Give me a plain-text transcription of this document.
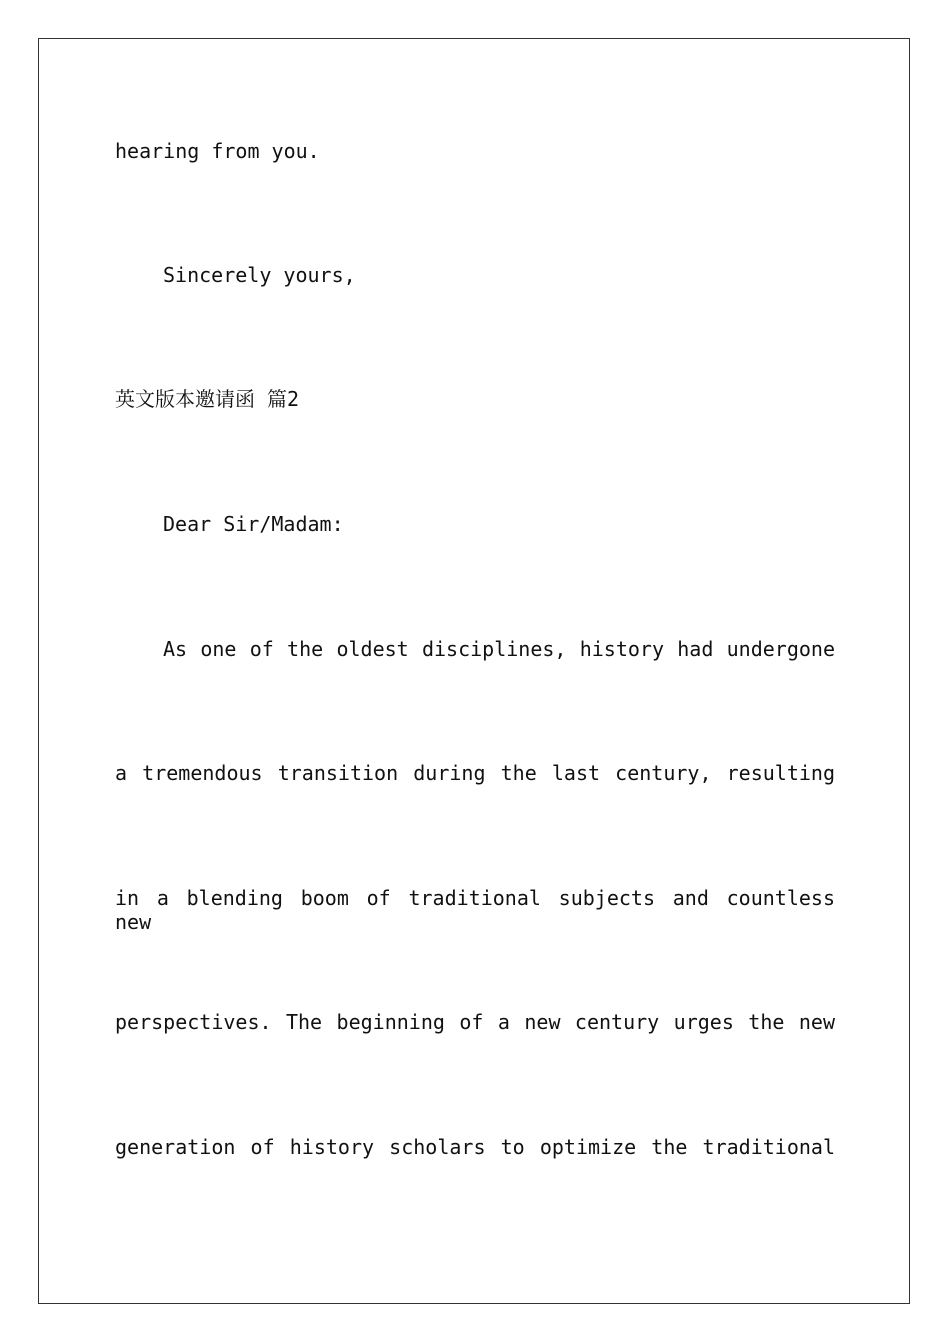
hearing from you.
Sincerely yours,
英文版本邀请函 篇2
Dear Sir/Madam:
As one of the oldest disciplines, history had undergone
a tremendous transition during the last century, resulting
in a blending boom of traditional subjects and countless new
perspectives. The beginning of a new century urges the new
generation of history scholars to optimize the traditional
